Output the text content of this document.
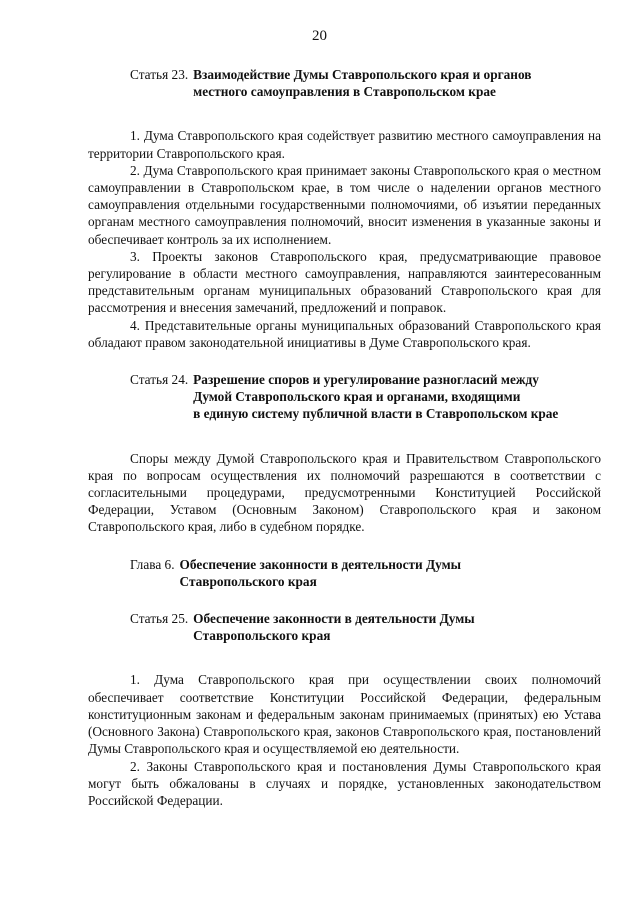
20
Статья 23. Взаимодействие Думы Ставропольского края и органов
местного самоуправления в Ставропольском крае

1. Дума Ставропольского края содействует развитию местного самоуправления на территории Ставропольского края.

2. Дума Ставропольского края принимает законы Ставропольского края о местном самоуправлении в Ставропольском крае, в том числе о наделении органов местного самоуправления отдельными государственными полномочиями, об изъятии переданных органам местного самоуправления полномочий, вносит изменения в указанные законы и обеспечивает контроль за их исполнением.

3. Проекты законов Ставропольского края, предусматривающие правовое регулирование в области местного самоуправления, направляются заинтересованным представительным органам муниципальных образований Ставропольского края для рассмотрения и внесения замечаний, предложений и поправок.

4. Представительные органы муниципальных образований Ставропольского края обладают правом законодательной инициативы в Думе Ставропольского края.

Статья 24. Разрешение споров и урегулирование разногласий между
Думой Ставропольского края и органами, входящими
в единую систему публичной власти в Ставропольском крае

Споры между Думой Ставропольского края и Правительством Ставропольского края по вопросам осуществления их полномочий разрешаются в соответствии с согласительными процедурами, предусмотренными Конституцией Российской Федерации, Уставом (Основным Законом) Ставропольского края и законом Ставропольского края, либо в судебном порядке.

Глава 6. Обеспечение законности в деятельности Думы
Ставропольского края
Статья 25. Обеспечение законности в деятельности Думы
Ставропольского края

1. Дума Ставропольского края при осуществлении своих полномочий обеспечивает соответствие Конституции Российской Федерации, федеральным конституционным законам и федеральным законам принимаемых (принятых) ею Устава (Основного Закона) Ставропольского края, законов Ставропольского края, постановлений Думы Ставропольского края и осуществляемой ею деятельности.

2. Законы Ставропольского края и постановления Думы Ставропольского края могут быть обжалованы в случаях и порядке, установленных законодательством Российской Федерации.
